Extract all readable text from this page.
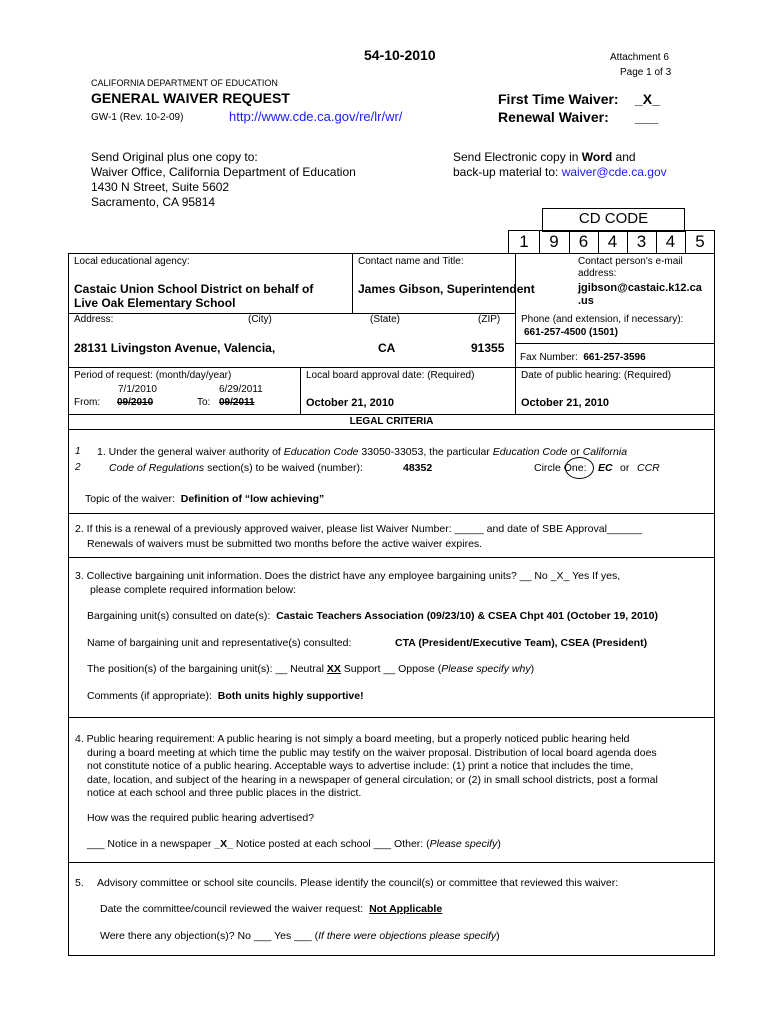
54-10-2010	Attachment 6
Page 1 of 3
CALIFORNIA DEPARTMENT OF EDUCATION
GENERAL WAIVER REQUEST
GW-1 (Rev. 10-2-09)	http://www.cde.ca.gov/re/lr/wr/
First Time Waiver: _X_
Renewal Waiver: ___
Send Original plus one copy to:
Waiver Office, California Department of Education
1430 N Street, Suite 5602
Sacramento, CA 95814
Send Electronic copy in Word and
back-up material to: waiver@cde.ca.gov
CD CODE
1	9	6	4	3	4	5
Local educational agency:
Castaic Union School District on behalf of
Live Oak Elementary School
Contact name and Title:
James Gibson, Superintendent
Contact person's e-mail
address:
jgibson@castaic.k12.ca
.us
Address:	(City)	(State)	(ZIP)
28131 Livingston Avenue, Valencia,	CA	91355
Phone (and extension, if necessary):
661-257-4500 (1501)
Fax Number: 661-257-3596
Period of request: (month/day/year)
7/1/2010	6/29/2011
From: 09/2010	To: 09/2011
Local board approval date: (Required)
October 21, 2010
Date of public hearing: (Required)
October 21, 2010
LEGAL CRITERIA
1
2
1. Under the general waiver authority of Education Code 33050-33053, the particular Education Code or California
Code of Regulations section(s) to be waived (number):	48352	Circle One: EC or CCR
Topic of the waiver: Definition of “low achieving”
2. If this is a renewal of a previously approved waiver, please list Waiver Number: _____ and date of SBE Approval______
Renewals of waivers must be submitted two months before the active waiver expires.
3. Collective bargaining unit information. Does the district have any employee bargaining units? __ No _X_ Yes If yes,
please complete required information below:
Bargaining unit(s) consulted on date(s): Castaic Teachers Association (09/23/10) & CSEA Chpt 401 (October 19, 2010)
Name of bargaining unit and representative(s) consulted:	CTA (President/Executive Team), CSEA (President)
The position(s) of the bargaining unit(s): __ Neutral XX Support __ Oppose (Please specify why)
Comments (if appropriate): Both units highly supportive!
4. Public hearing requirement: A public hearing is not simply a board meeting, but a properly noticed public hearing held
during a board meeting at which time the public may testify on the waiver proposal. Distribution of local board agenda does
not constitute notice of a public hearing. Acceptable ways to advertise include: (1) print a notice that includes the time,
date, location, and subject of the hearing in a newspaper of general circulation; or (2) in small school districts, post a formal
notice at each school and three public places in the district.
How was the required public hearing advertised?
___ Notice in a newspaper _X_ Notice posted at each school ___ Other: (Please specify)
5. Advisory committee or school site councils. Please identify the council(s) or committee that reviewed this waiver:
Date the committee/council reviewed the waiver request: Not Applicable
Were there any objection(s)? No ___ Yes ___ (If there were objections please specify)
